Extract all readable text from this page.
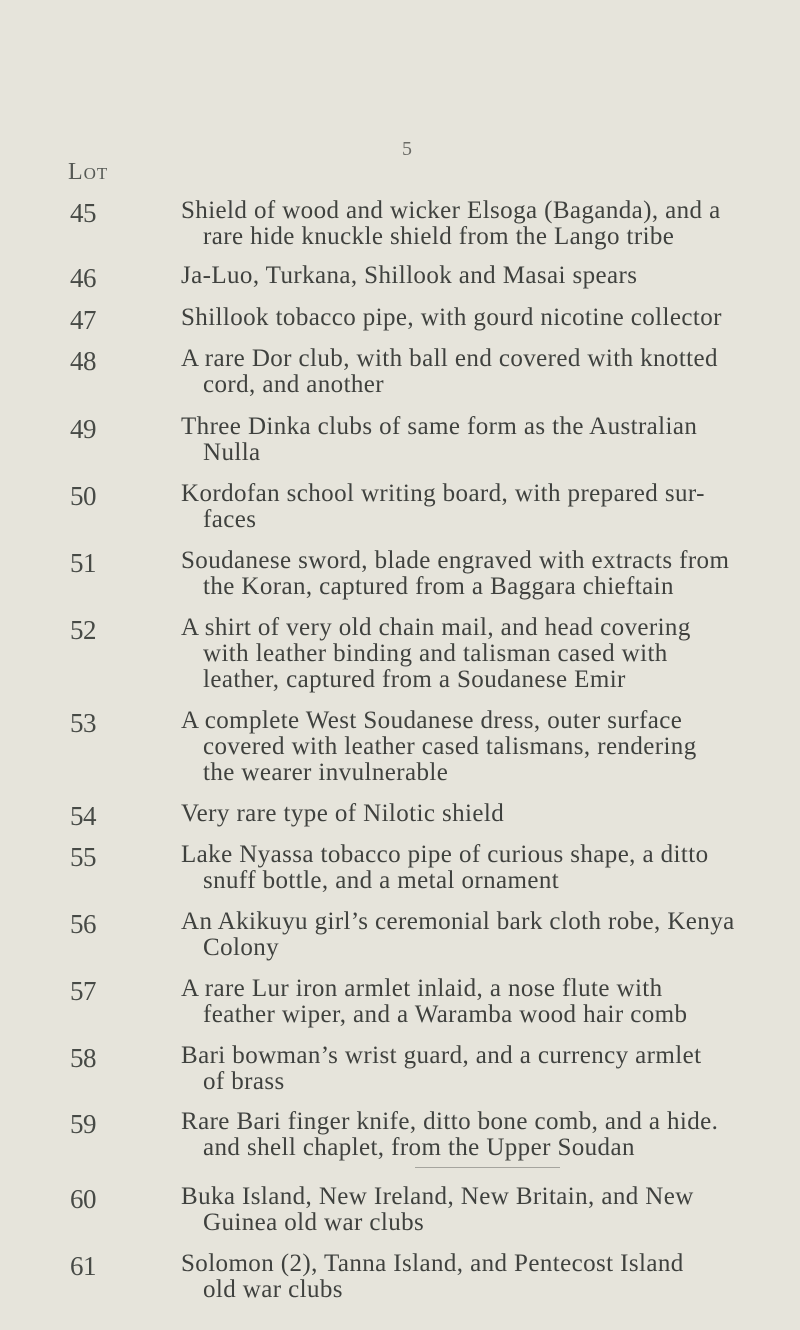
5
Lot
45	Shield of wood and wicker Elsoga (Baganda), and a
rare hide knuckle shield from the Lango tribe
46	Ja-Luo, Turkana, Shillook and Masai spears
47	Shillook tobacco pipe, with gourd nicotine collector
48	A rare Dor club, with ball end covered with knotted
cord, and another
49	Three Dinka clubs of same form as the Australian
Nulla
50	Kordofan school writing board, with prepared sur-
faces
51	Soudanese sword, blade engraved with extracts from
the Koran, captured from a Baggara chieftain
52	A shirt of very old chain mail, and head covering
with leather binding and talisman cased with
leather, captured from a Soudanese Emir
53	A complete West Soudanese dress, outer surface
covered with leather cased talismans, rendering
the wearer invulnerable
54	Very rare type of Nilotic shield
55	Lake Nyassa tobacco pipe of curious shape, a ditto
snuff bottle, and a metal ornament
56	An Akikuyu girl’s ceremonial bark cloth robe, Kenya
Colony
57	A rare Lur iron armlet inlaid, a nose flute with
feather wiper, and a Waramba wood hair comb
58	Bari bowman’s wrist guard, and a currency armlet
of brass
59	Rare Bari finger knife, ditto bone comb, and a hide.
and shell chaplet, from the Upper Soudan
60	Buka Island, New Ireland, New Britain, and New
Guinea old war clubs
61	Solomon (2), Tanna Island, and Pentecost Island
old war clubs
